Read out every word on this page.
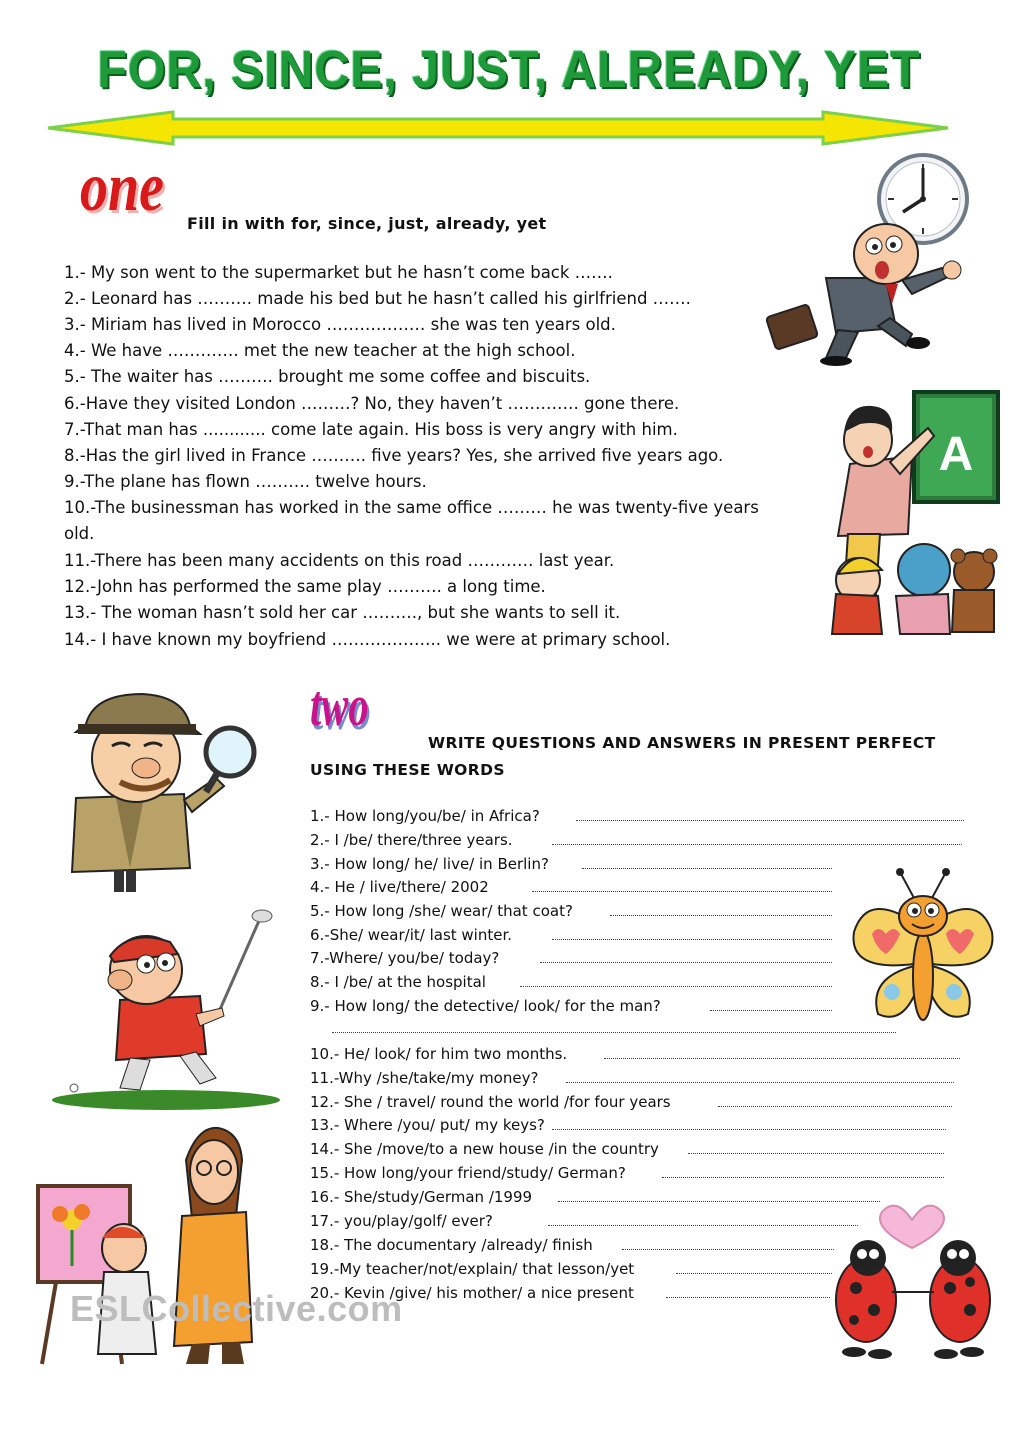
FOR, SINCE, JUST, ALREADY, YET
one Fill in with for, since, just, already, yet
1.- My son went to the supermarket but he hasn’t come back …….
2.- Leonard has ………. made his bed but he hasn’t called his girlfriend …….
3.- Miriam has lived in Morocco ……………… she was ten years old.
4.- We have …………. met the new teacher at the high school.
5.- The waiter has ………. brought me some coffee and biscuits.
6.-Have they visited London ………? No, they haven’t …………. gone there.
7.-That man has ............ come late again. His boss is very angry with him.
8.-Has the girl lived in France ………. five years? Yes, she arrived five years ago.
9.-The plane has flown ………. twelve hours.
10.-The businessman has worked in the same office ……… he was twenty-five years old.
11.-There has been many accidents on this road ………… last year.
12.-John has performed the same play ………. a long time.
13.- The woman hasn’t sold her car ………., but she wants to sell it.
14.- I have known my boyfriend ……………….. we were at primary school.
A
two
WRITE QUESTIONS AND ANSWERS IN PRESENT PERFECT
USING THESE WORDS
1.- How long/you/be/ in Africa?
2.- I /be/ there/three years.
3.- How long/ he/ live/ in Berlin?
4.- He / live/there/ 2002
5.- How long /she/ wear/ that coat?
6.-She/ wear/it/ last winter.
7.-Where/ you/be/ today?
8.- I /be/ at the hospital
9.- How long/ the detective/ look/ for the man?
10.- He/ look/ for him two months.
11.-Why /she/take/my money?
12.- She / travel/ round the world /for four years
13.- Where /you/ put/ my keys?
14.- She /move/to a new house /in the country
15.- How long/your friend/study/ German?
16.- She/study/German /1999
17.- you/play/golf/ ever?
18.- The documentary /already/ finish
19.-My teacher/not/explain/ that lesson/yet
20.- Kevin /give/ his mother/ a nice present
ESLCollective.com
